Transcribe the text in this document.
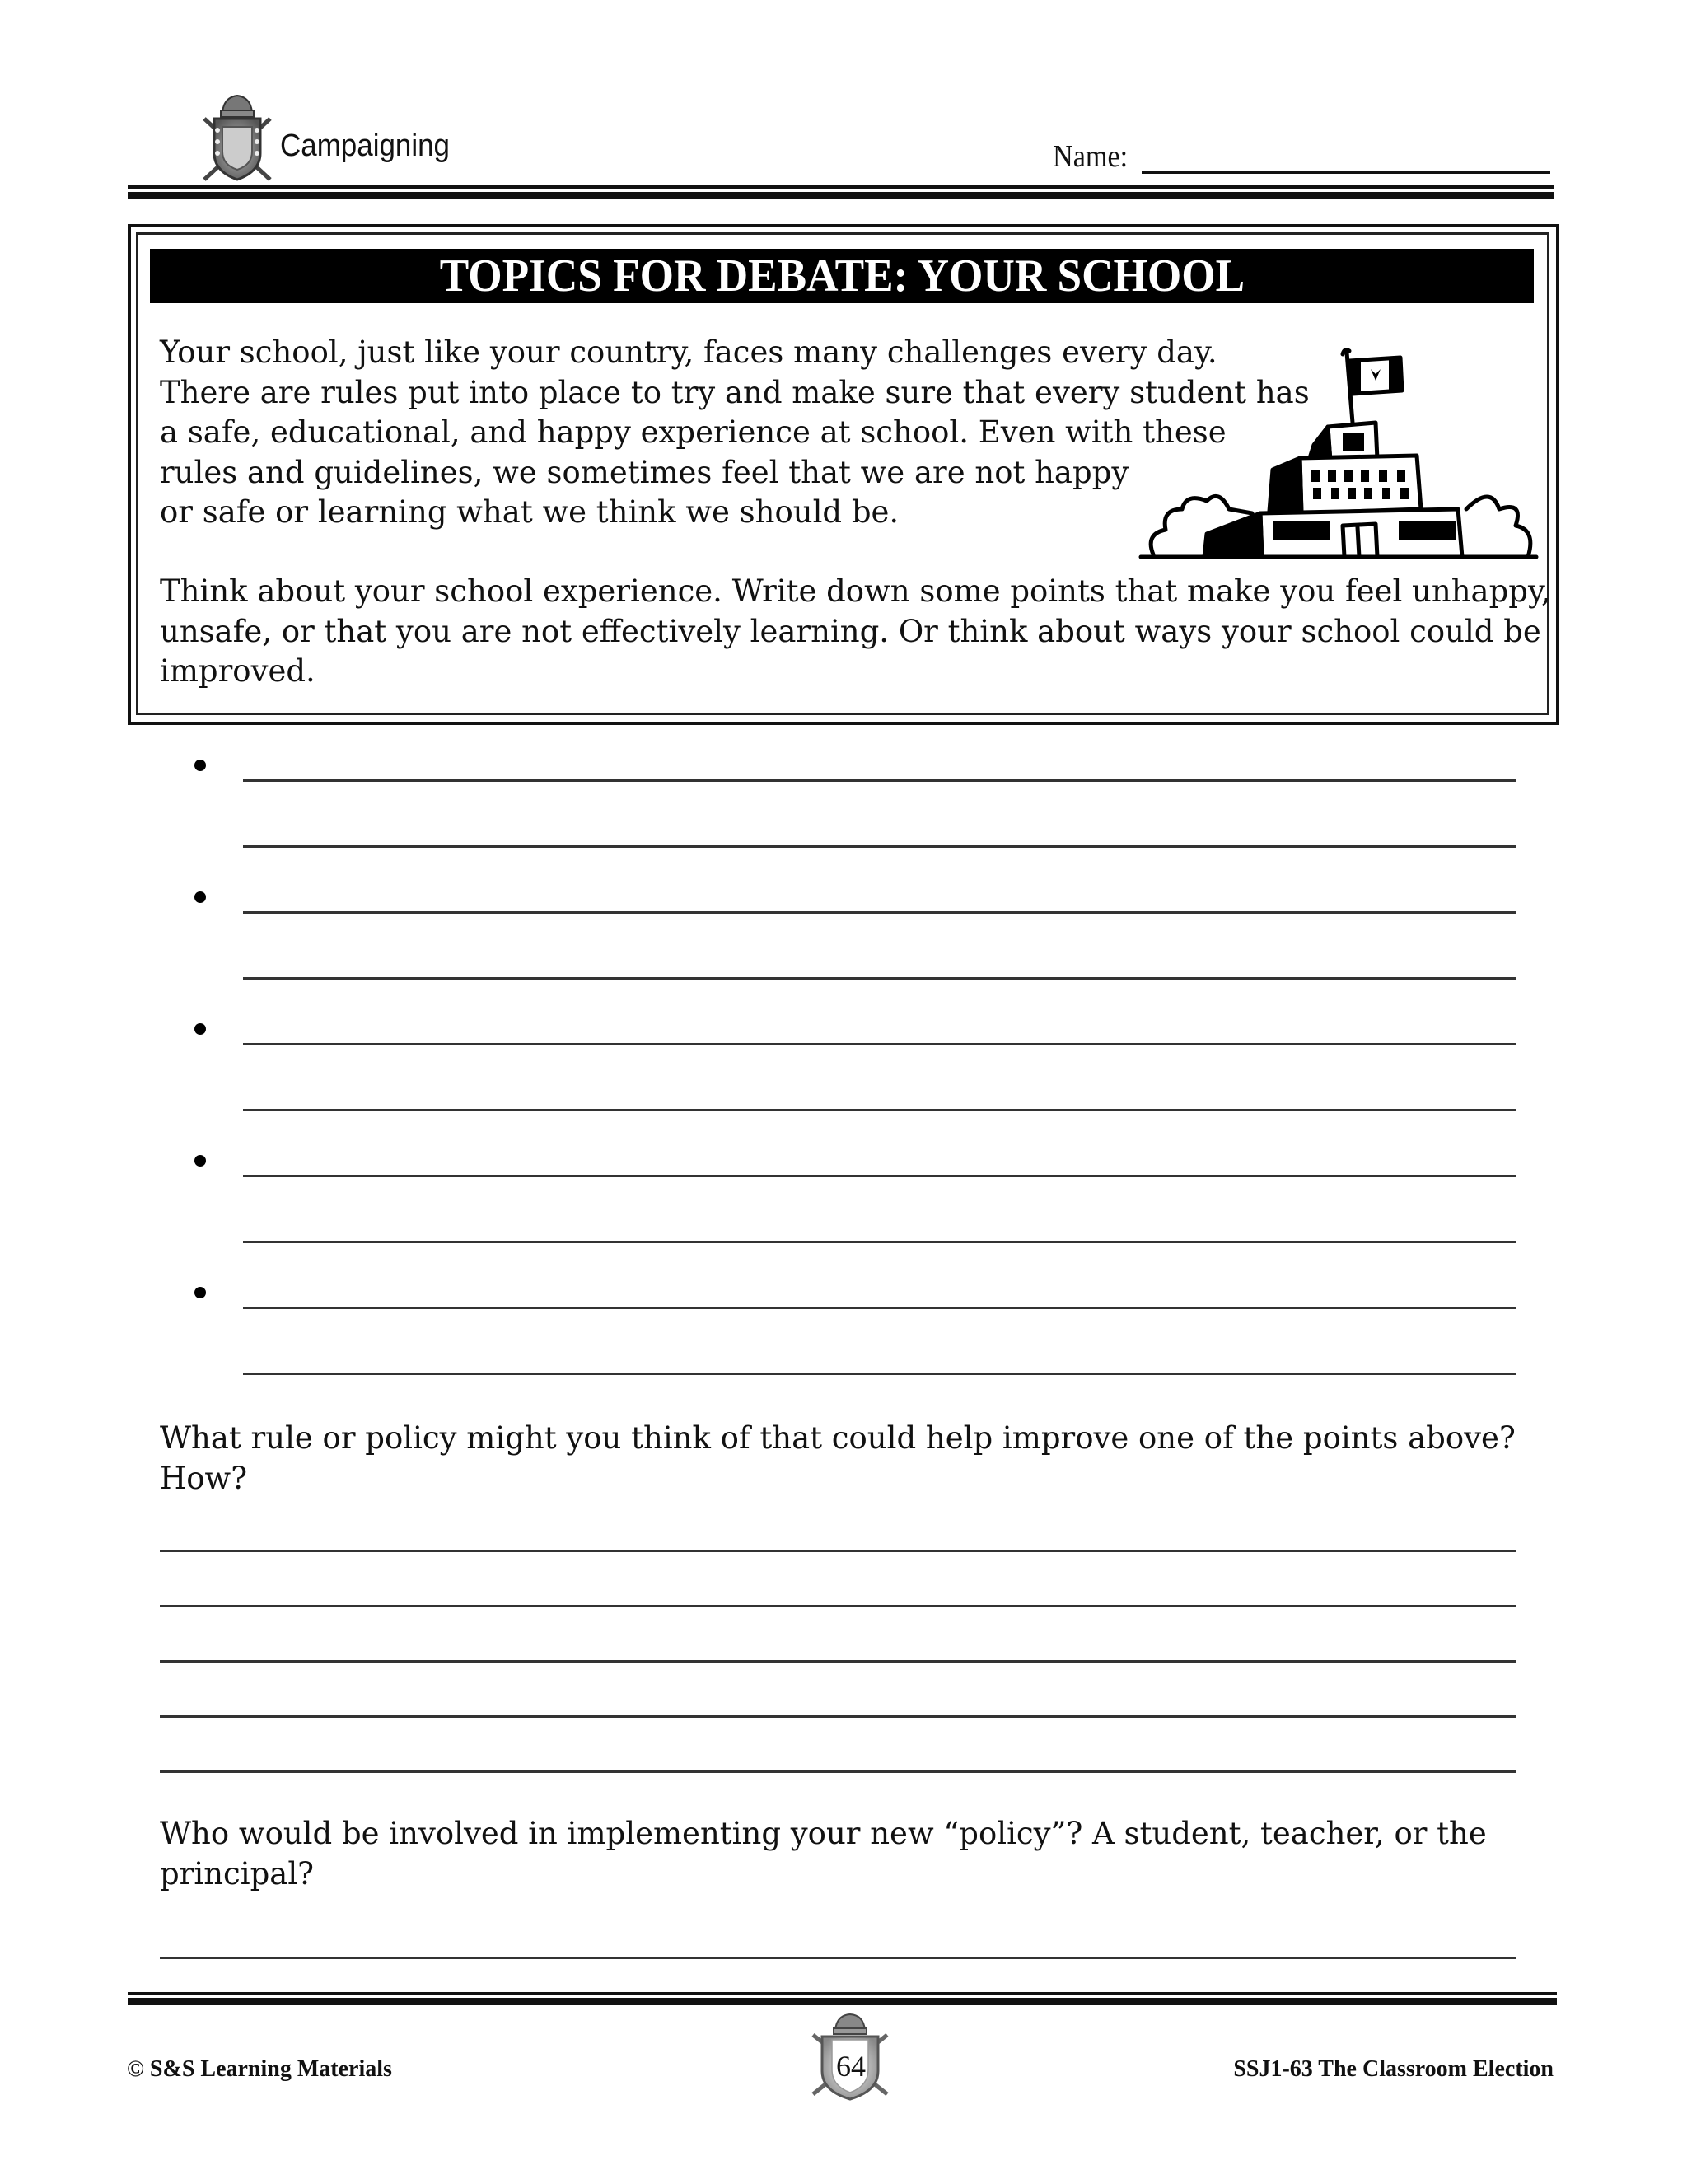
Campaigning	Name:
TOPICS FOR DEBATE: YOUR SCHOOL
Your school, just like your country, faces many challenges every day.
There are rules put into place to try and make sure that every student has
a safe, educational, and happy experience at school. Even with these
rules and guidelines, we sometimes feel that we are not happy
or safe or learning what we think we should be.
Think about your school experience. Write down some points that make you feel unhappy,
unsafe, or that you are not effectively learning. Or think about ways your school could be
improved.
What rule or policy might you think of that could help improve one of the points above?
How?
Who would be involved in implementing your new “policy”? A student, teacher, or the
principal?
© S&S Learning Materials	64	SSJ1-63 The Classroom Election
